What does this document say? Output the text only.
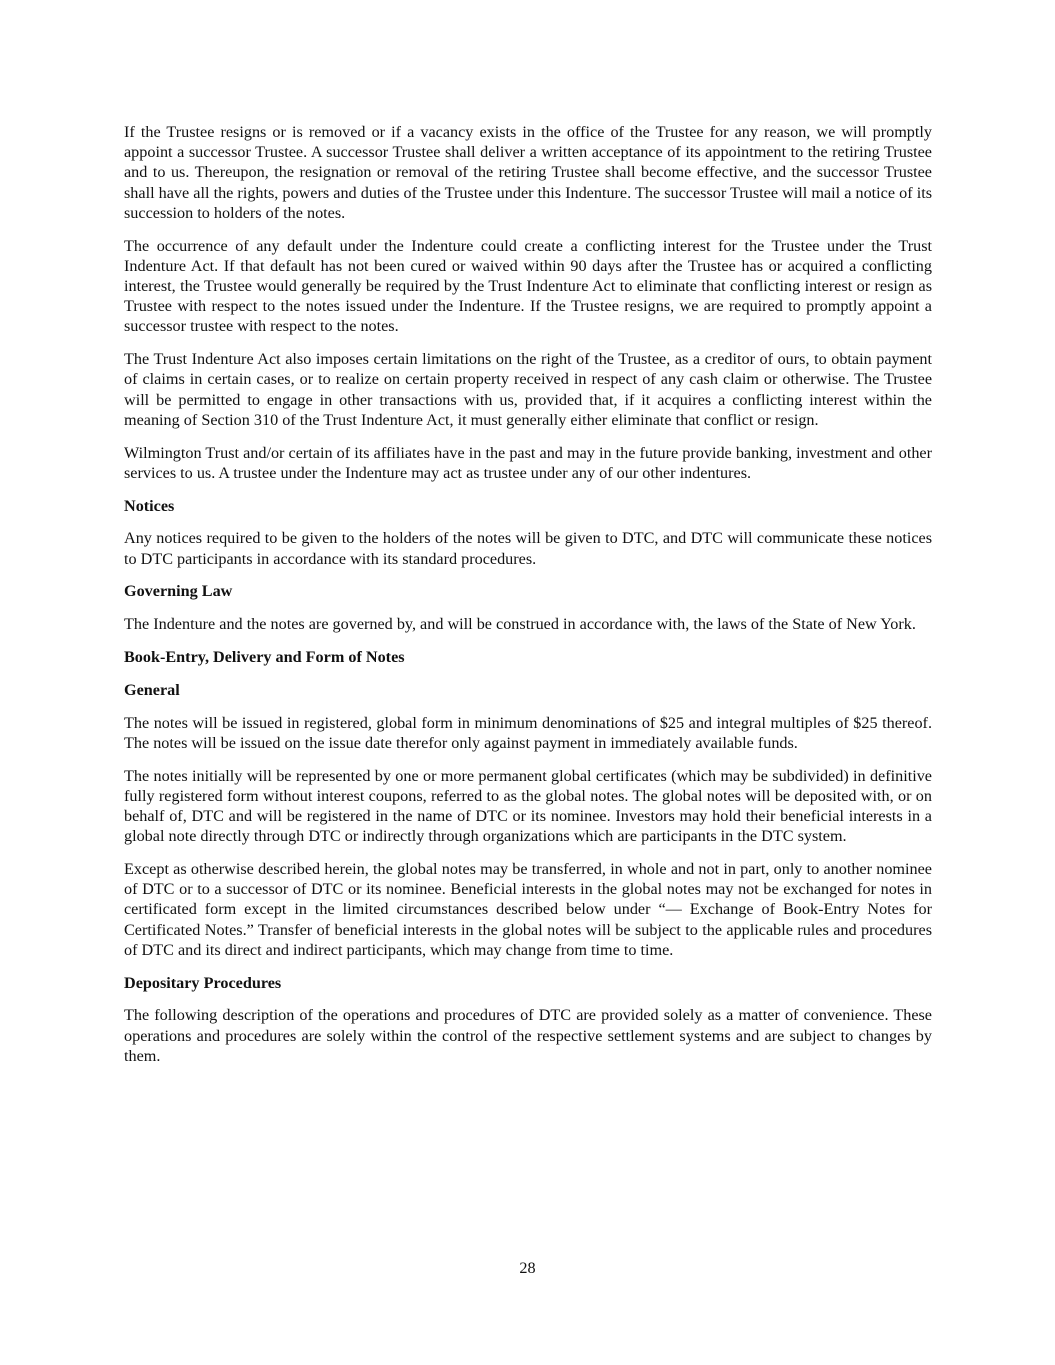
If the Trustee resigns or is removed or if a vacancy exists in the office of the Trustee for any reason, we will promptly appoint a successor Trustee. A successor Trustee shall deliver a written acceptance of its appointment to the retiring Trustee and to us. Thereupon, the resignation or removal of the retiring Trustee shall become effective, and the successor Trustee shall have all the rights, powers and duties of the Trustee under this Indenture. The successor Trustee will mail a notice of its succession to holders of the notes.

The occurrence of any default under the Indenture could create a conflicting interest for the Trustee under the Trust Indenture Act. If that default has not been cured or waived within 90 days after the Trustee has or acquired a conflicting interest, the Trustee would generally be required by the Trust Indenture Act to eliminate that conflicting interest or resign as Trustee with respect to the notes issued under the Indenture. If the Trustee resigns, we are required to promptly appoint a successor trustee with respect to the notes.

The Trust Indenture Act also imposes certain limitations on the right of the Trustee, as a creditor of ours, to obtain payment of claims in certain cases, or to realize on certain property received in respect of any cash claim or otherwise. The Trustee will be permitted to engage in other transactions with us, provided that, if it acquires a conflicting interest within the meaning of Section 310 of the Trust Indenture Act, it must generally either eliminate that conflict or resign.

Wilmington Trust and/or certain of its affiliates have in the past and may in the future provide banking, investment and other services to us. A trustee under the Indenture may act as trustee under any of our other indentures.

Notices

Any notices required to be given to the holders of the notes will be given to DTC, and DTC will communicate these notices to DTC participants in accordance with its standard procedures.

Governing Law

The Indenture and the notes are governed by, and will be construed in accordance with, the laws of the State of New York.

Book-Entry, Delivery and Form of Notes
General

The notes will be issued in registered, global form in minimum denominations of $25 and integral multiples of $25 thereof. The notes will be issued on the issue date therefor only against payment in immediately available funds.

The notes initially will be represented by one or more permanent global certificates (which may be subdivided) in definitive fully registered form without interest coupons, referred to as the global notes. The global notes will be deposited with, or on behalf of, DTC and will be registered in the name of DTC or its nominee. Investors may hold their beneficial interests in a global note directly through DTC or indirectly through organizations which are participants in the DTC system.

Except as otherwise described herein, the global notes may be transferred, in whole and not in part, only to another nominee of DTC or to a successor of DTC or its nominee. Beneficial interests in the global notes may not be exchanged for notes in certificated form except in the limited circumstances described below under “— Exchange of Book-Entry Notes for Certificated Notes.” Transfer of beneficial interests in the global notes will be subject to the applicable rules and procedures of DTC and its direct and indirect participants, which may change from time to time.

Depositary Procedures

The following description of the operations and procedures of DTC are provided solely as a matter of convenience. These operations and procedures are solely within the control of the respective settlement systems and are subject to changes by them.

28
